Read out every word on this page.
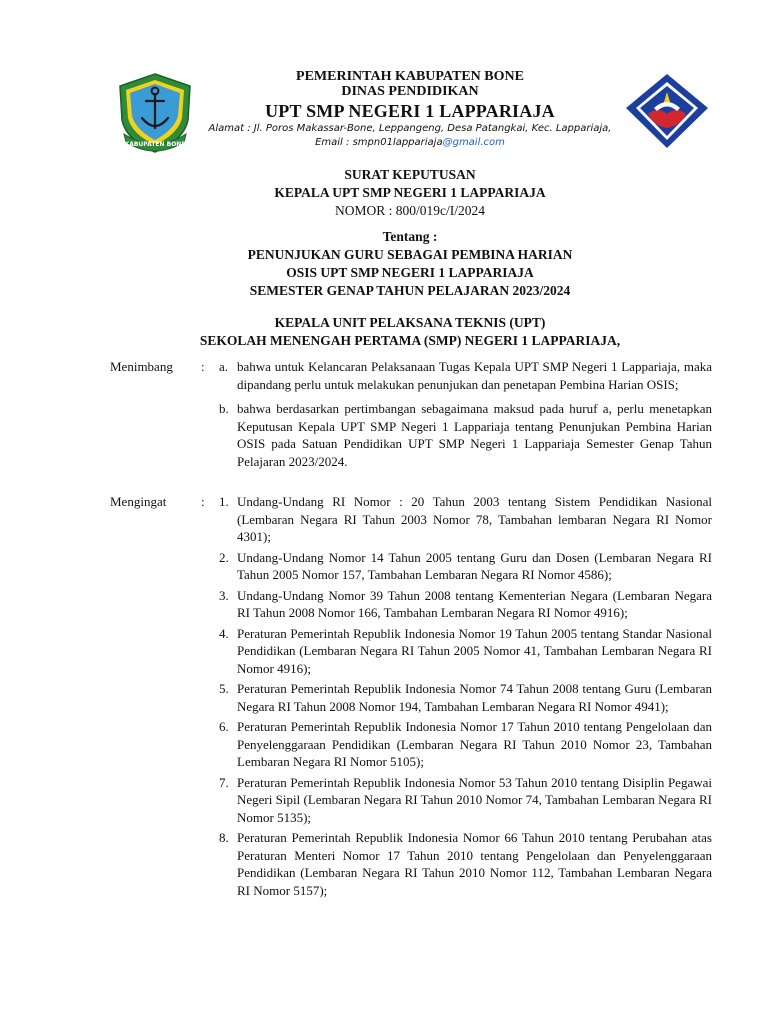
KABUPATEN BONE
PEMERINTAH KABUPATEN BONE
DINAS PENDIDIKAN
UPT SMP NEGERI 1 LAPPARIAJA
Alamat : Jl. Poros Makassar-Bone, Leppangeng, Desa Patangkai, Kec. Lappariaja,
Email : smpn01lappariaja@gmail.com
SURAT KEPUTUSAN
KEPALA UPT SMP NEGERI 1 LAPPARIAJA
NOMOR : 800/019c/I/2024
Tentang :
PENUNJUKAN GURU SEBAGAI PEMBINA HARIAN
OSIS UPT SMP NEGERI 1 LAPPARIAJA
SEMESTER GENAP TAHUN PELAJARAN 2023/2024
KEPALA UNIT PELAKSANA TEKNIS (UPT)
SEKOLAH MENENGAH PERTAMA (SMP) NEGERI 1 LAPPARIAJA,
Menimbang : a. bahwa untuk Kelancaran Pelaksanaan Tugas Kepala UPT SMP Negeri 1 Lappariaja, maka dipandang perlu untuk melakukan penunjukan dan penetapan Pembina Harian OSIS;
b. bahwa berdasarkan pertimbangan sebagaimana maksud pada huruf a, perlu menetapkan Keputusan Kepala UPT SMP Negeri 1 Lappariaja tentang Penunjukan Pembina Harian OSIS pada Satuan Pendidikan UPT SMP Negeri 1 Lappariaja Semester Genap Tahun Pelajaran 2023/2024.
Mengingat	: 1. Undang-Undang RI Nomor : 20 Tahun 2003 tentang Sistem Pendidikan Nasional (Lembaran Negara RI Tahun 2003 Nomor 78, Tambahan lembaran Negara RI Nomor 4301);
2. Undang-Undang Nomor 14 Tahun 2005 tentang Guru dan Dosen (Lembaran Negara RI Tahun 2005 Nomor 157, Tambahan Lembaran Negara RI Nomor 4586);
3. Undang-Undang Nomor 39 Tahun 2008 tentang Kementerian Negara (Lembaran Negara RI Tahun 2008 Nomor 166, Tambahan Lembaran Negara RI Nomor 4916);
4. Peraturan Pemerintah Republik Indonesia Nomor 19 Tahun 2005 tentang Standar Nasional Pendidikan (Lembaran Negara RI Tahun 2005 Nomor 41, Tambahan Lembaran Negara RI Nomor 4916);
5. Peraturan Pemerintah Republik Indonesia Nomor 74 Tahun 2008 tentang Guru (Lembaran Negara RI Tahun 2008 Nomor 194, Tambahan Lembaran Negara RI Nomor 4941);
6. Peraturan Pemerintah Republik Indonesia Nomor 17 Tahun 2010 tentang Pengelolaan dan Penyelenggaraan Pendidikan (Lembaran Negara RI Tahun 2010 Nomor 23, Tambahan Lembaran Negara RI Nomor 5105);
7. Peraturan Pemerintah Republik Indonesia Nomor 53 Tahun 2010 tentang Disiplin Pegawai Negeri Sipil (Lembaran Negara RI Tahun 2010 Nomor 74, Tambahan Lembaran Negara RI Nomor 5135);
8. Peraturan Pemerintah Republik Indonesia Nomor 66 Tahun 2010 tentang Perubahan atas Peraturan Menteri Nomor 17 Tahun 2010 tentang Pengelolaan dan Penyelenggaraan Pendidikan (Lembaran Negara RI Tahun 2010 Nomor 112, Tambahan Lembaran Negara RI Nomor 5157);
